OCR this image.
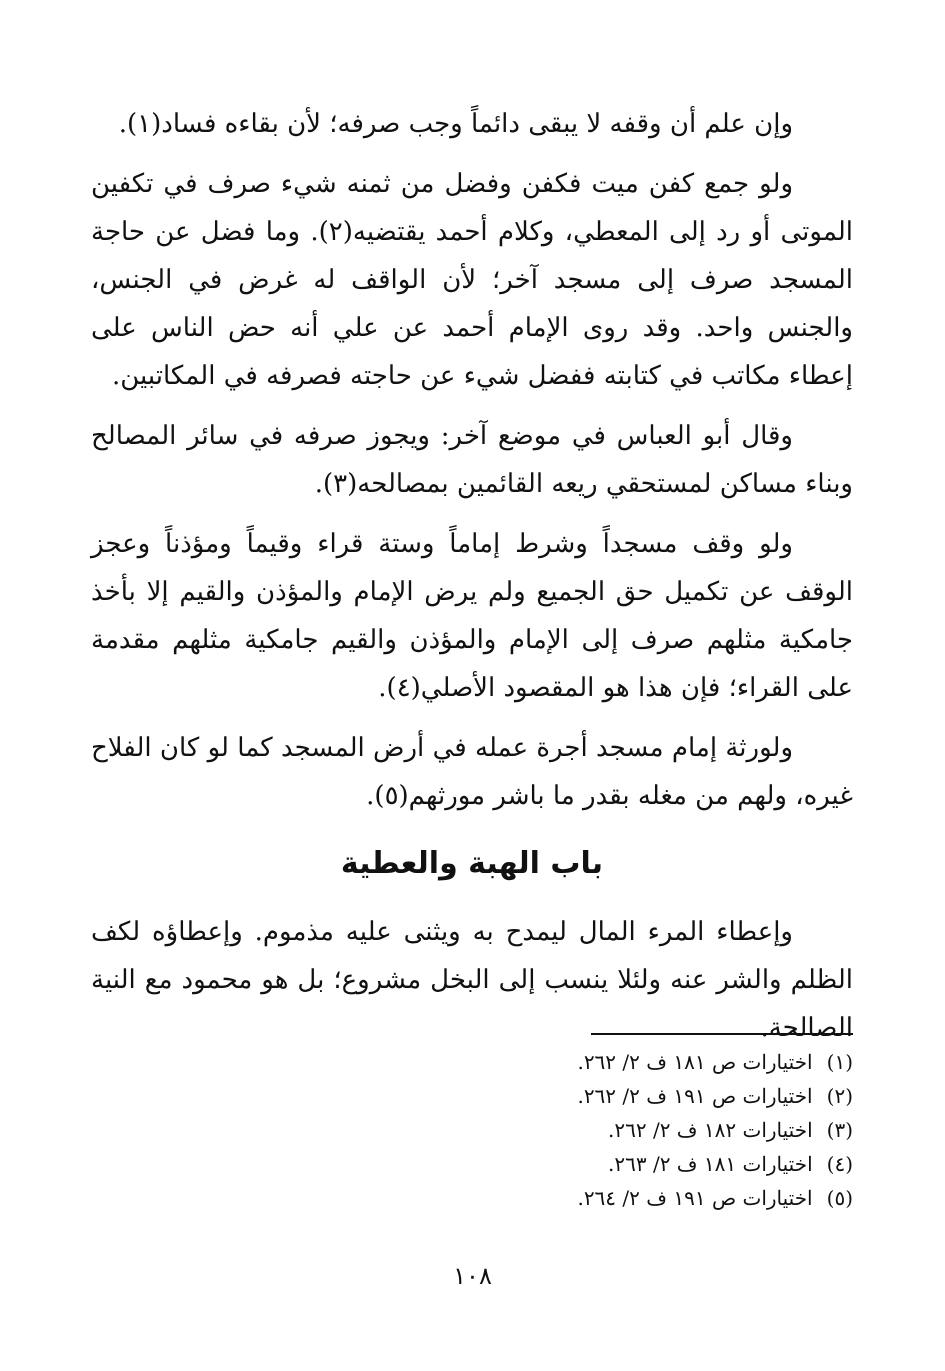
وإن علم أن وقفه لا يبقى دائماً وجب صرفه؛ لأن بقاءه فساد(١).

ولو جمع كفن ميت فكفن وفضل من ثمنه شيء صرف في تكفين الموتى أو رد إلى المعطي، وكلام أحمد يقتضيه(٢). وما فضل عن حاجة المسجد صرف إلى مسجد آخر؛ لأن الواقف له غرض في الجنس، والجنس واحد. وقد روى الإمام أحمد عن علي أنه حض الناس على إعطاء مكاتب في كتابته ففضل شيء عن حاجته فصرفه في المكاتبين.

وقال أبو العباس في موضع آخر: ويجوز صرفه في سائر المصالح وبناء مساكن لمستحقي ريعه القائمين بمصالحه(٣).

ولو وقف مسجداً وشرط إماماً وستة قراء وقيماً ومؤذناً وعجز الوقف عن تكميل حق الجميع ولم يرض الإمام والمؤذن والقيم إلا بأخذ جامكية مثلهم صرف إلى الإمام والمؤذن والقيم جامكية مثلهم مقدمة على القراء؛ فإن هذا هو المقصود الأصلي(٤).

ولورثة إمام مسجد أجرة عمله في أرض المسجد كما لو كان الفلاح غيره، ولهم من مغله بقدر ما باشر مورثهم(٥).

باب الهبة والعطية

وإعطاء المرء المال ليمدح به ويثنى عليه مذموم. وإعطاؤه لكف الظلم والشر عنه ولئلا ينسب إلى البخل مشروع؛ بل هو محمود مع النية الصالحة.

(١)اختيارات ص ١٨١ ف ٢/ ٢٦٢.
(٢)اختيارات ص ١٩١ ف ٢/ ٢٦٢.
(٣)اختيارات ١٨٢ ف ٢/ ٢٦٢.
(٤)اختيارات ١٨١ ف ٢/ ٢٦٣.
(٥)اختيارات ص ١٩١ ف ٢/ ٢٦٤.
١٠٨
